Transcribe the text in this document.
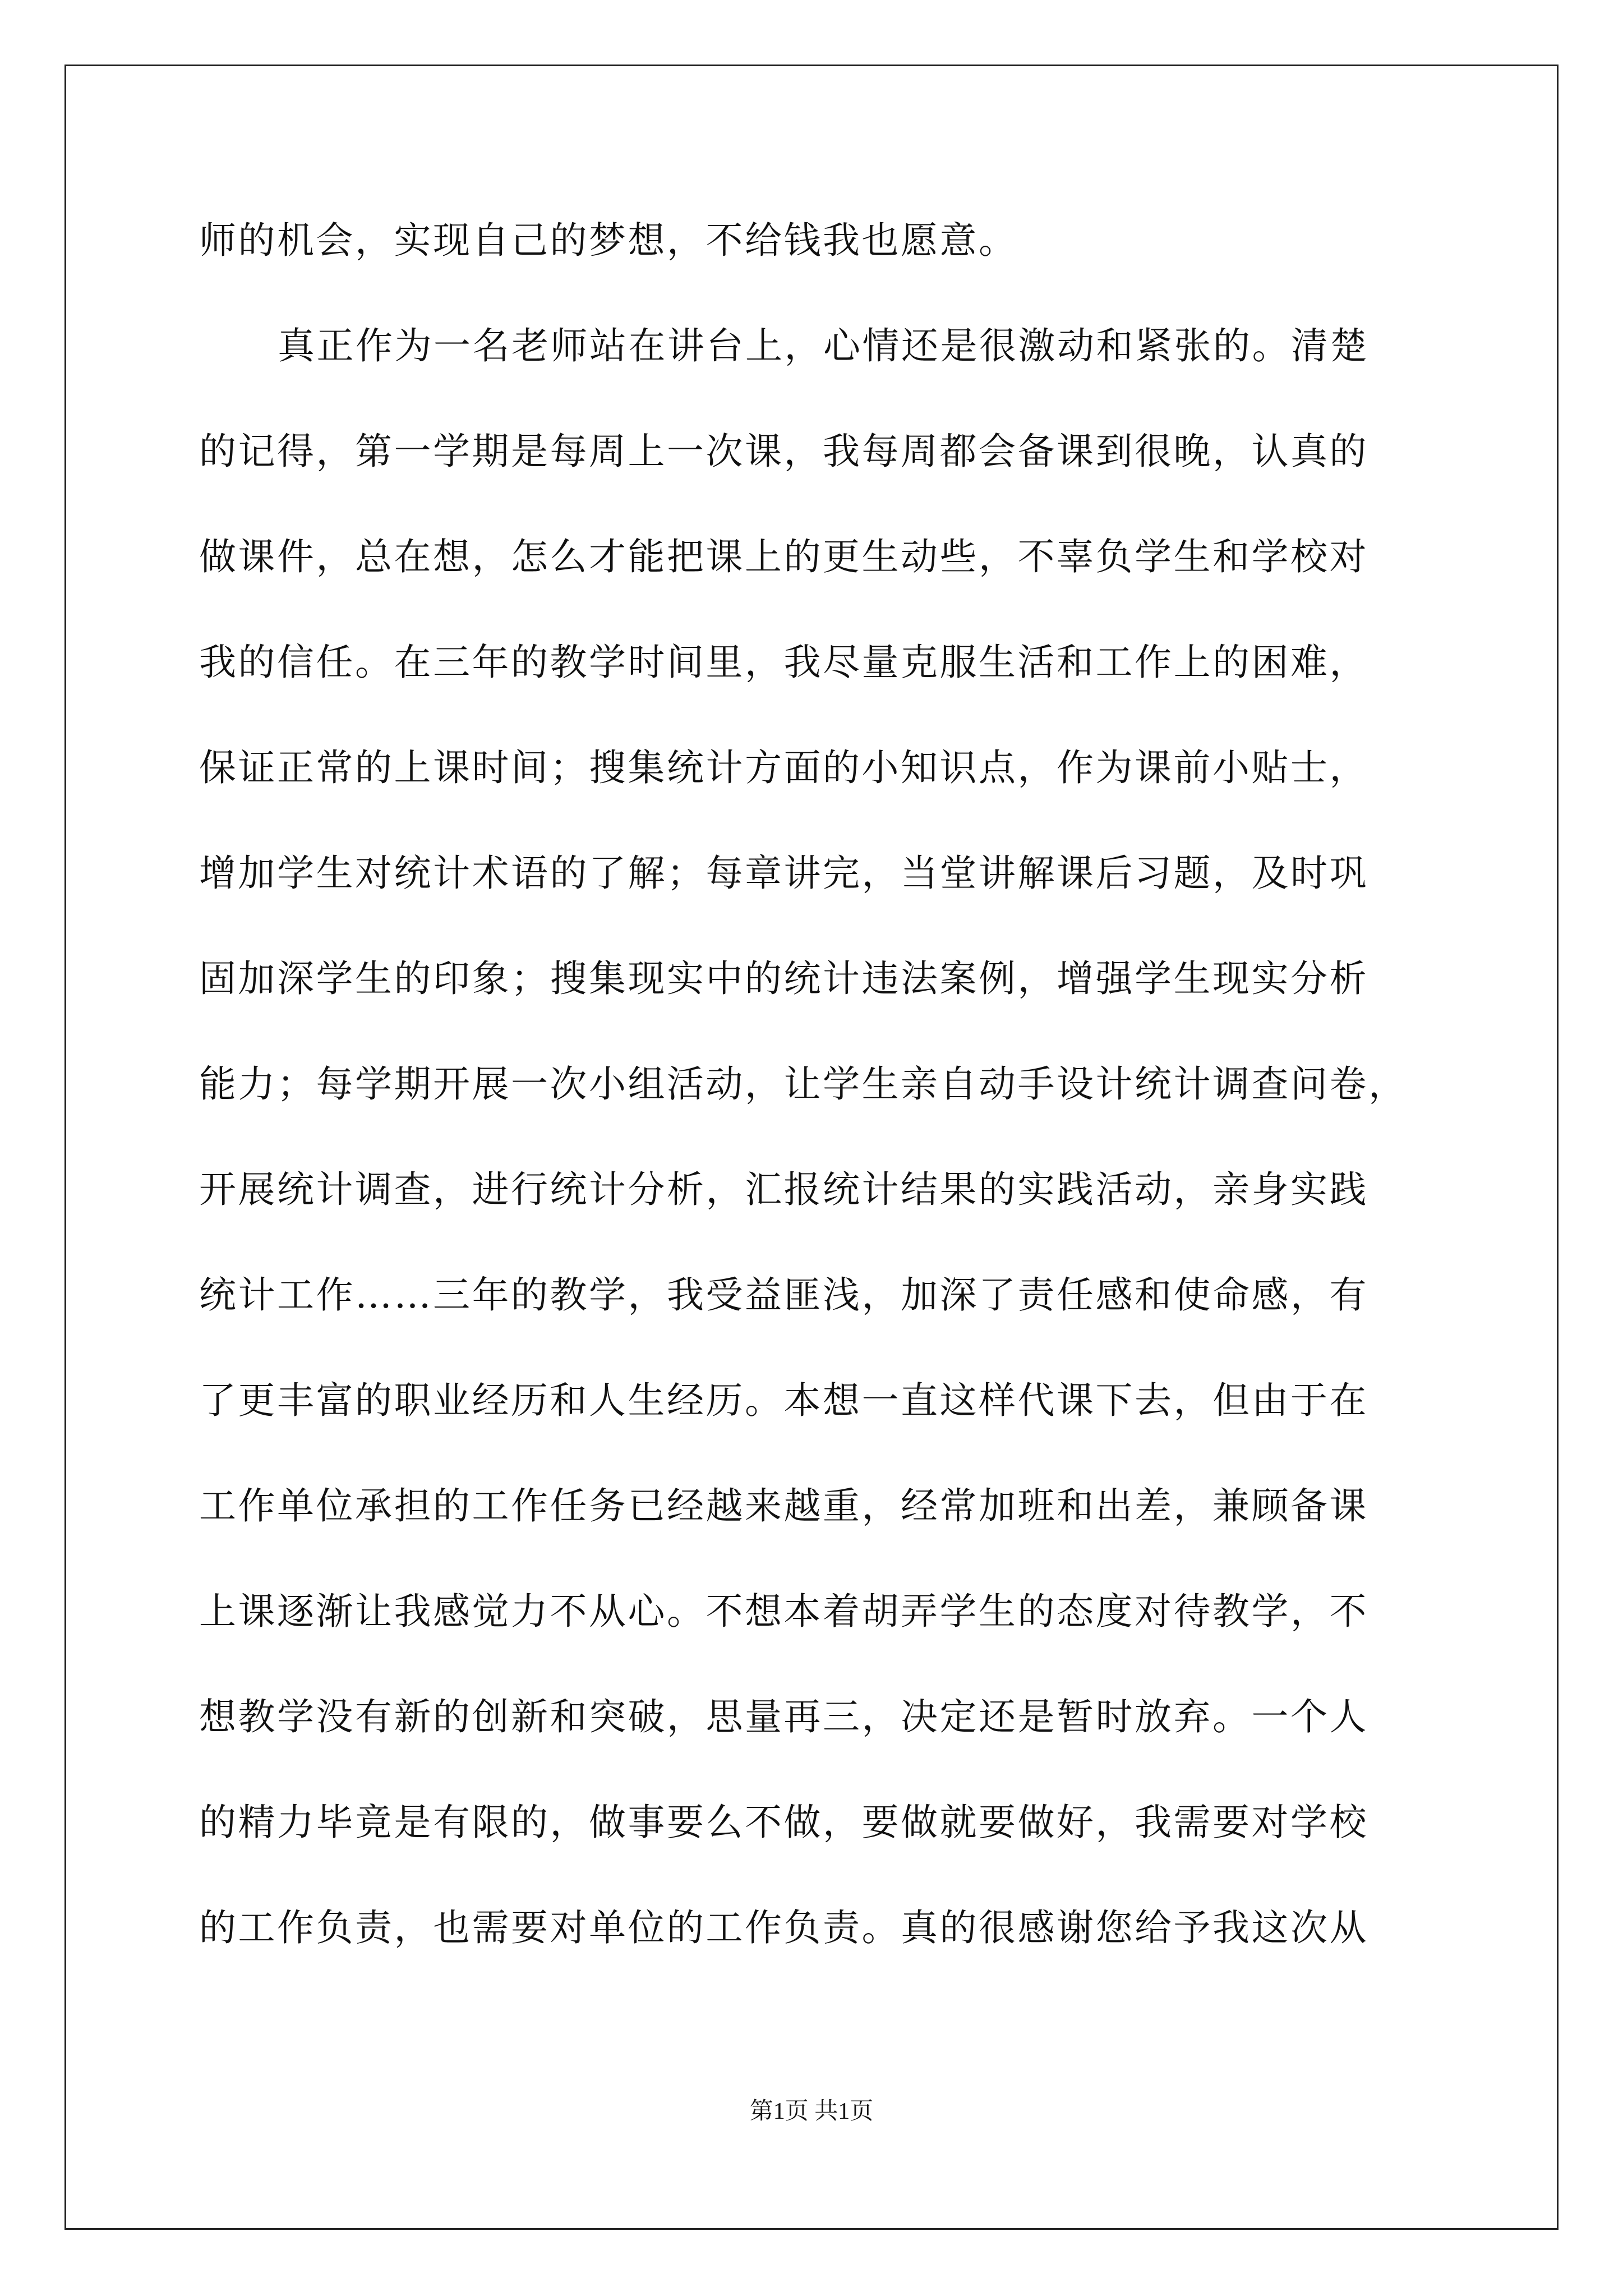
师的机会，实现自己的梦想，不给钱我也愿意。
真正作为一名老师站在讲台上，心情还是很激动和紧张的。清楚
的记得，第一学期是每周上一次课，我每周都会备课到很晚，认真的
做课件，总在想，怎么才能把课上的更生动些，不辜负学生和学校对
我的信任。在三年的教学时间里，我尽量克服生活和工作上的困难，
保证正常的上课时间；搜集统计方面的小知识点，作为课前小贴士，
增加学生对统计术语的了解；每章讲完，当堂讲解课后习题，及时巩
固加深学生的印象；搜集现实中的统计违法案例，增强学生现实分析
能力；每学期开展一次小组活动，让学生亲自动手设计统计调查问卷，
开展统计调查，进行统计分析，汇报统计结果的实践活动，亲身实践
统计工作……三年的教学，我受益匪浅，加深了责任感和使命感，有
了更丰富的职业经历和人生经历。本想一直这样代课下去，但由于在
工作单位承担的工作任务已经越来越重，经常加班和出差，兼顾备课
上课逐渐让我感觉力不从心。不想本着胡弄学生的态度对待教学，不
想教学没有新的创新和突破，思量再三，决定还是暂时放弃。一个人
的精力毕竟是有限的，做事要么不做，要做就要做好，我需要对学校
的工作负责，也需要对单位的工作负责。真的很感谢您给予我这次从
第1页 共1页
